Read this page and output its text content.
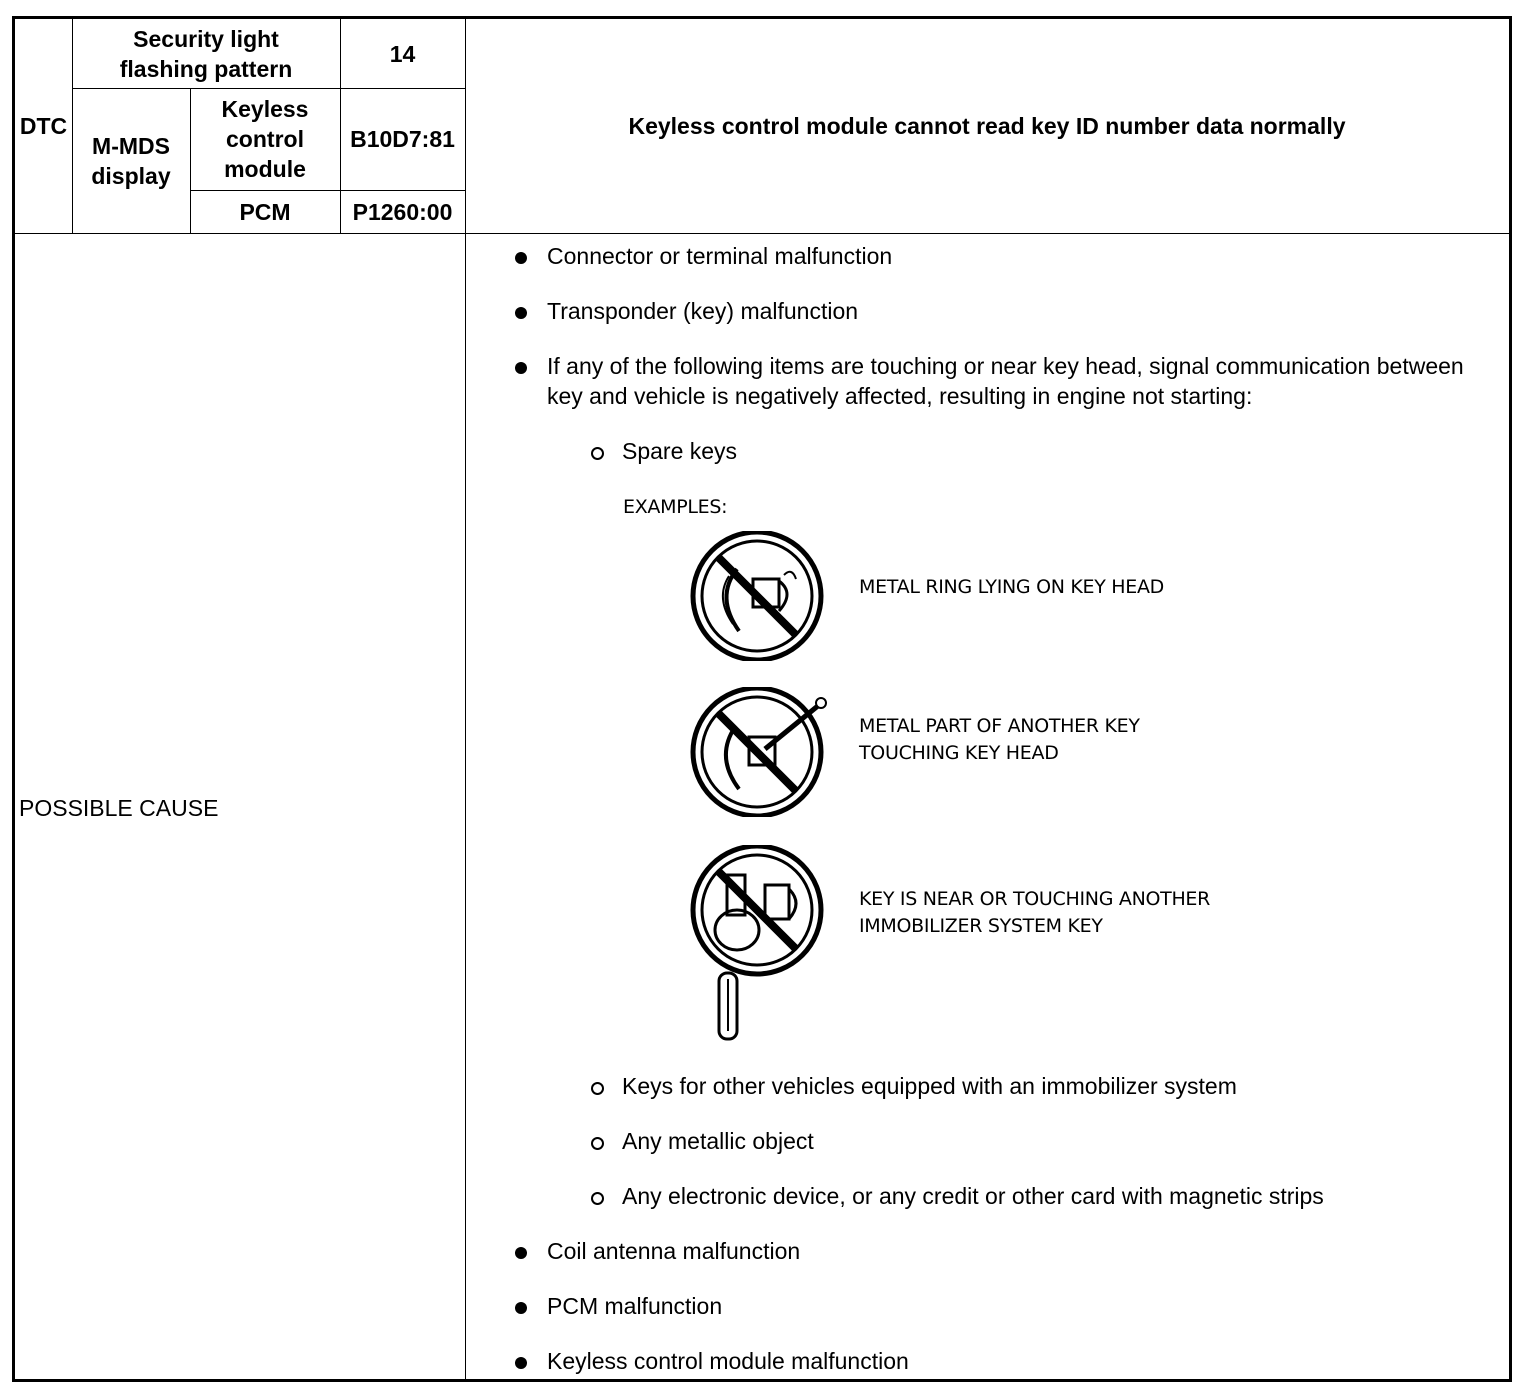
DTC
Security light flashing pattern
14
M-MDS display
Keyless control module
B10D7:81
PCM	P1260:00
Keyless control module cannot read key ID number data normally
POSSIBLE CAUSE
Connector or terminal malfunction
Transponder (key) malfunction
If any of the following items are touching or near key head, signal communication between key and vehicle is negatively affected, resulting in engine not starting:
Spare keys
EXAMPLES:
METAL RING LYING ON KEY HEAD
METAL PART OF ANOTHER KEY TOUCHING KEY HEAD
KEY IS NEAR OR TOUCHING ANOTHER IMMOBILIZER SYSTEM KEY
Keys for other vehicles equipped with an immobilizer system
Any metallic object
Any electronic device, or any credit or other card with magnetic strips
Coil antenna malfunction
PCM malfunction
Keyless control module malfunction
